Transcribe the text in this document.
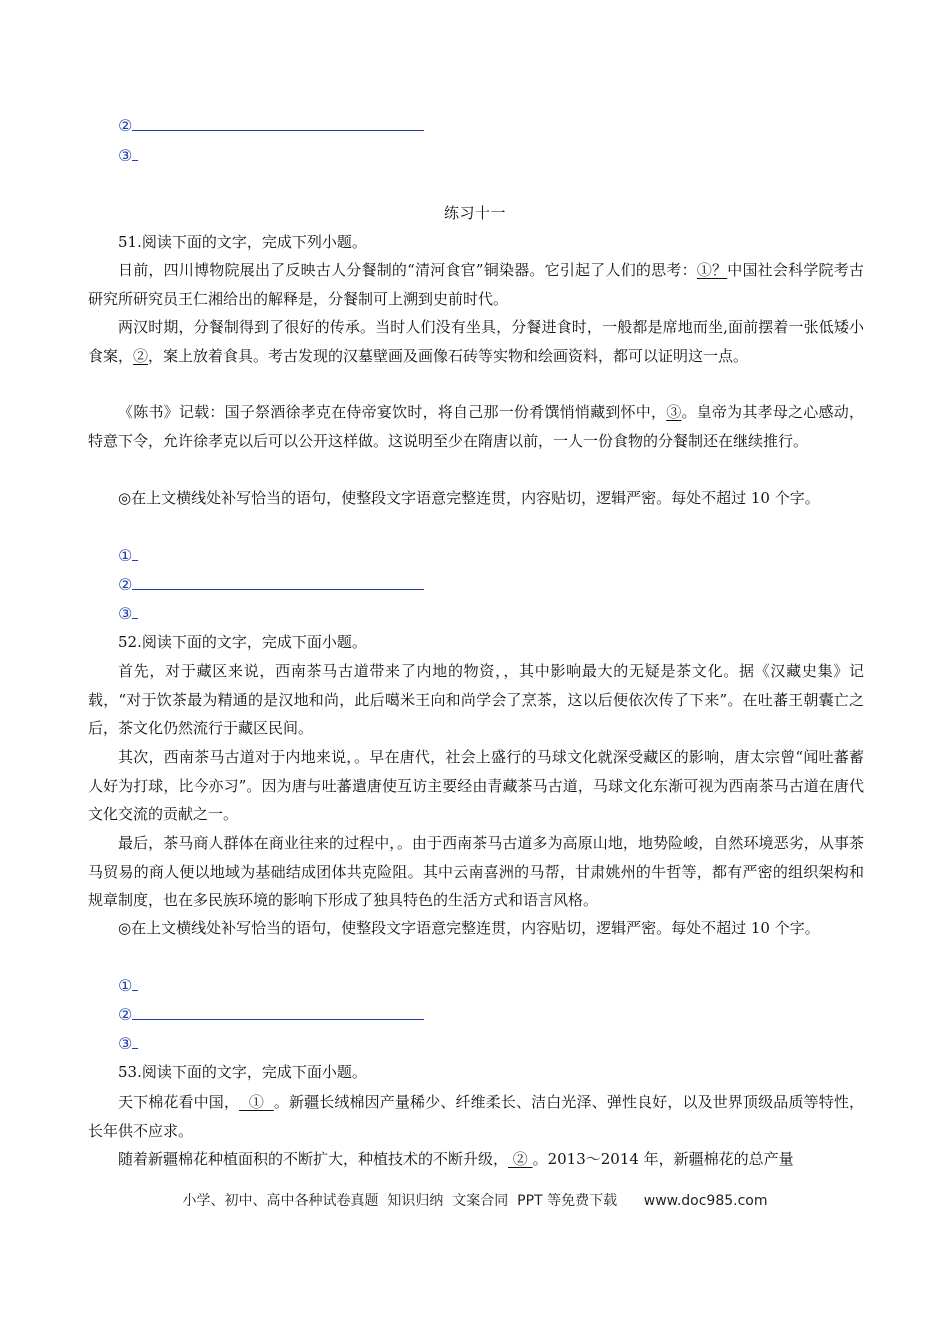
②
③
练习十一

51.阅读下面的文字，完成下列小题。

日前，四川博物院展出了反映古人分餐制的“清河食官”铜染器。它引起了人们的思考：①？中国社会科学院考古研究所研究员王仁湘给出的解释是，分餐制可上溯到史前时代。

两汉时期，分餐制得到了很好的传承。当时人们没有坐具，分餐进食时，一般都是席地而坐,面前摆着一张低矮小食案，②，案上放着食具。考古发现的汉墓壁画及画像石砖等实物和绘画资料，都可以证明这一点。

《陈书》记载：国子祭酒徐孝克在侍帝宴饮时，将自己那一份肴馔悄悄藏到怀中，③。皇帝为其孝母之心感动，特意下令，允许徐孝克以后可以公开这样做。这说明至少在隋唐以前，一人一份食物的分餐制还在继续推行。

◎在上文横线处补写恰当的语句，使整段文字语意完整连贯，内容贴切，逻辑严密。每处不超过 10 个字。

①
②
③

52.阅读下面的文字，完成下面小题。

首先，对于藏区来说，西南茶马古道带来了内地的物资，，其中影响最大的无疑是茶文化。据《汉藏史集》记载，“对于饮茶最为精通的是汉地和尚，此后噶米王向和尚学会了烹茶，这以后便依次传了下来”。在吐蕃王朝囊亡之后，茶文化仍然流行于藏区民间。

其次，西南茶马古道对于内地来说，。早在唐代，社会上盛行的马球文化就深受藏区的影响，唐太宗曾“闻吐蕃蓄人好为打球，比今亦习”。因为唐与吐蕃遣唐使互访主要经由青藏茶马古道，马球文化东渐可视为西南茶马古道在唐代文化交流的贡献之一。

最后，茶马商人群体在商业往来的过程中，。由于西南茶马古道多为高原山地，地势险峻，自然环境恶劣，从事茶马贸易的商人便以地域为基础结成团体共克险阻。其中云南喜洲的马帮，甘肃姚州的牛哲等，都有严密的组织架构和规章制度，也在多民族环境的影响下形成了独具特色的生活方式和语言风格。

◎在上文横线处补写恰当的语句，使整段文字语意完整连贯，内容贴切，逻辑严密。每处不超过 10 个字。

①
②
③

53.阅读下面的文字，完成下面小题。

天下棉花看中国，  ①  。新疆长绒棉因产量稀少、纤维柔长、洁白光泽、弹性良好，以及世界顶级品质等特性，长年供不应求。

随着新疆棉花种植面积的不断扩大，种植技术的不断升级， ② 。2013～2014 年，新疆棉花的总产量

小学、初中、高中各种试卷真题  知识归纳  文案合同  PPT 等免费下载      www.doc985.com
